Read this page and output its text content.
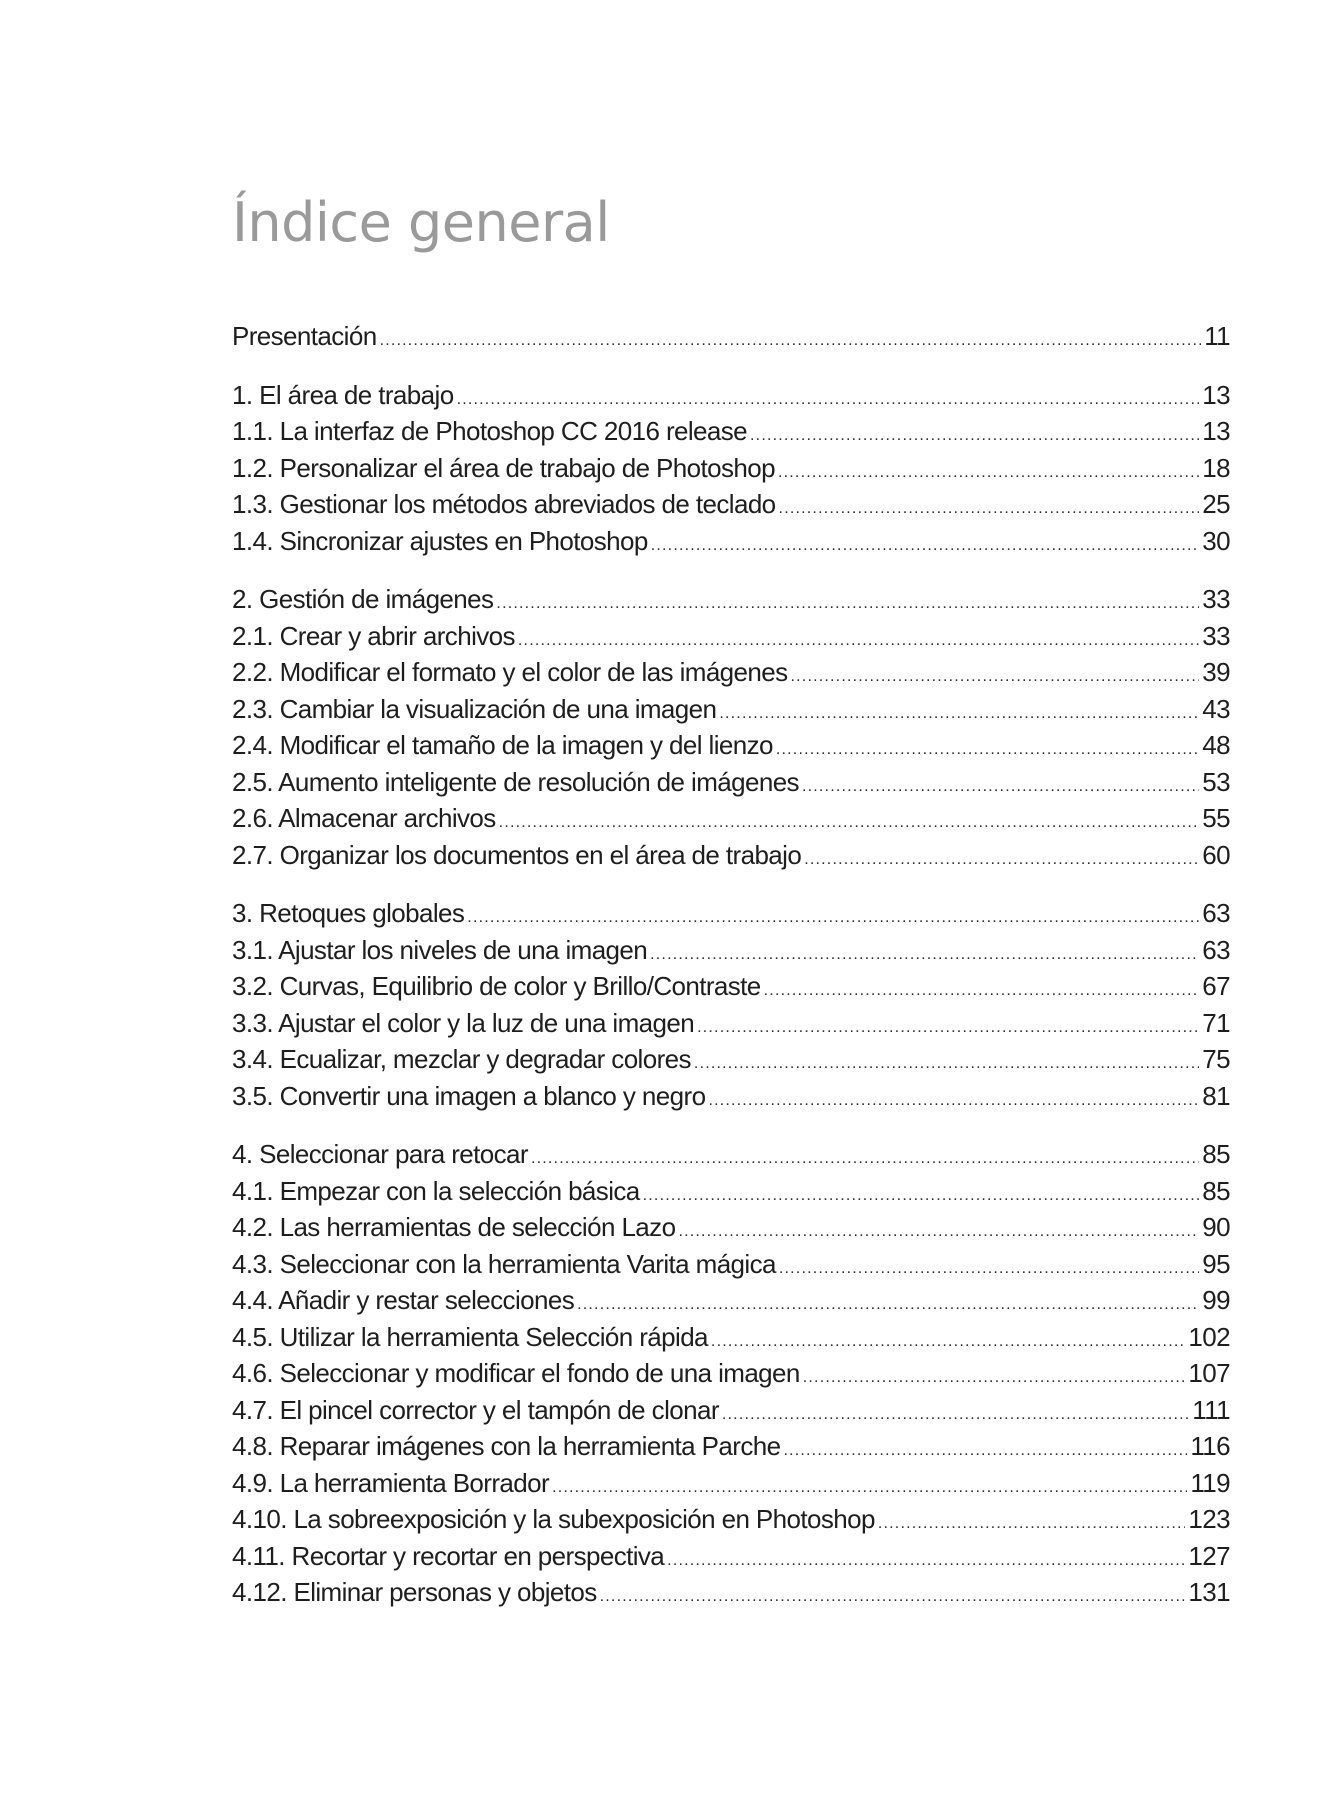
Índice general
Presentación .....	11
1. El área de trabajo .....	13
1.1. La interfaz de Photoshop CC 2016 release .....	13
1.2. Personalizar el área de trabajo de Photoshop .....	18
1.3. Gestionar los métodos abreviados de teclado .....	25
1.4. Sincronizar ajustes en Photoshop .....	30
2. Gestión de imágenes .....	33
2.1. Crear y abrir archivos .....	33
2.2. Modificar el formato y el color de las imágenes .....	39
2.3. Cambiar la visualización de una imagen .....	43
2.4. Modificar el tamaño de la imagen y del lienzo .....	48
2.5. Aumento inteligente de resolución de imágenes .....	53
2.6. Almacenar archivos .....	55
2.7. Organizar los documentos en el área de trabajo .....	60
3. Retoques globales .....	63
3.1. Ajustar los niveles de una imagen .....	63
3.2. Curvas, Equilibrio de color y Brillo/Contraste .....	67
3.3. Ajustar el color y la luz de una imagen .....	71
3.4. Ecualizar, mezclar y degradar colores .....	75
3.5. Convertir una imagen a blanco y negro .....	81
4. Seleccionar para retocar .....	85
4.1. Empezar con la selección básica .....	85
4.2. Las herramientas de selección Lazo .....	90
4.3. Seleccionar con la herramienta Varita mágica .....	95
4.4. Añadir y restar selecciones .....	99
4.5. Utilizar la herramienta Selección rápida .....	102
4.6. Seleccionar y modificar el fondo de una imagen .....	107
4.7. El pincel corrector y el tampón de clonar .....	111
4.8. Reparar imágenes con la herramienta Parche .....	116
4.9. La herramienta Borrador .....	119
4.10. La sobreexposición y la subexposición en Photoshop .....	123
4.11. Recortar y recortar en perspectiva .....	127
4.12. Eliminar personas y objetos .....	131
